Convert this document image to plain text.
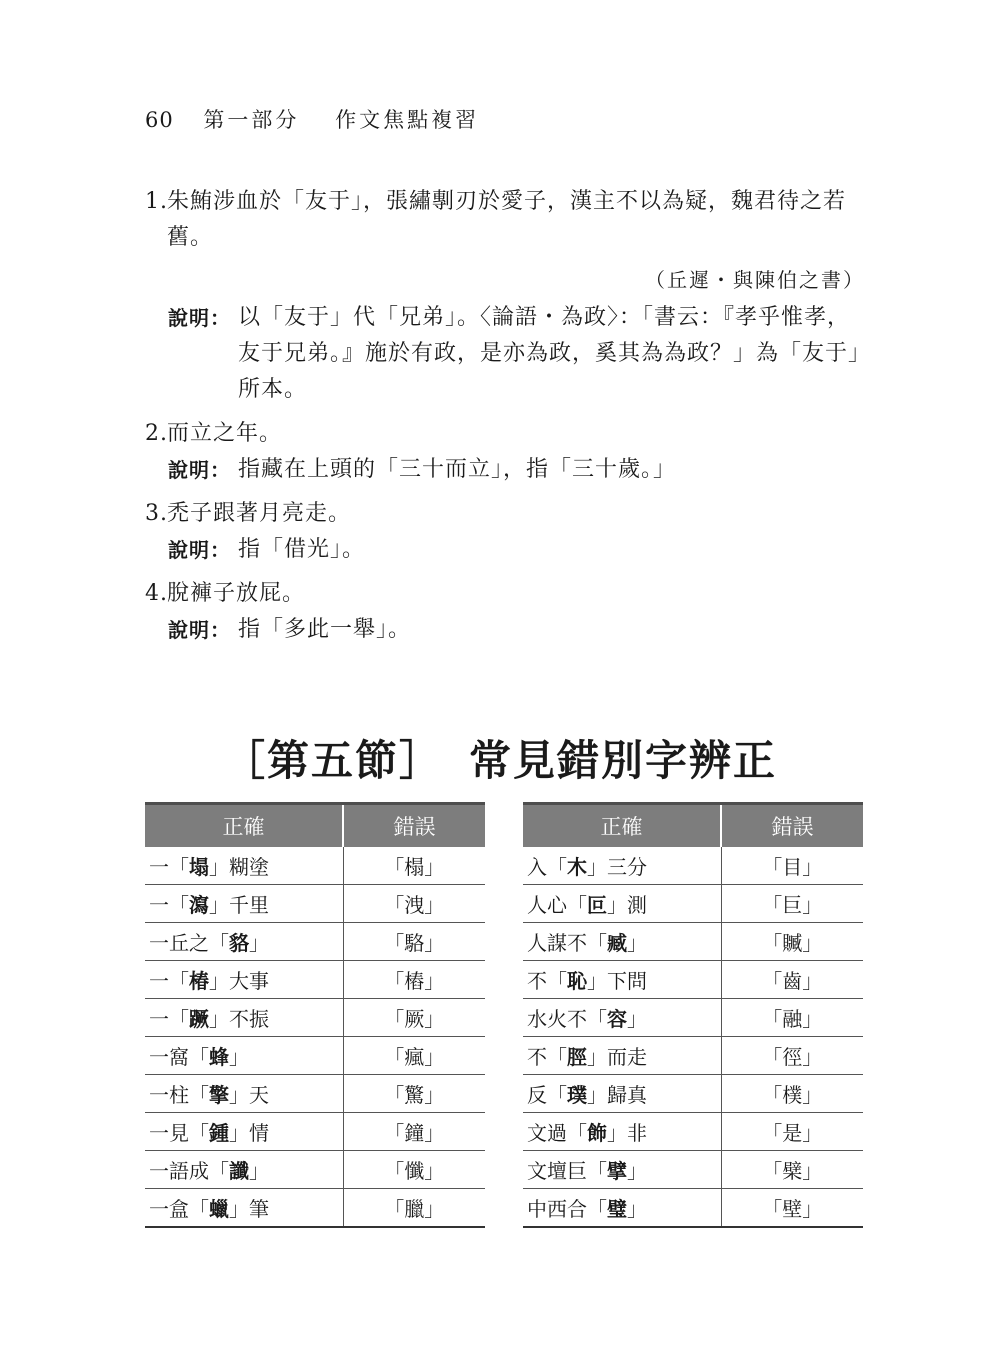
60 第一部分 作文焦點複習
1. 朱鮪涉血於「友于」，張繡剸刃於愛子，漢主不以為疑，魏君待之若舊。
（丘遲・與陳伯之書）
說明： 以「友于」代「兄弟」。〈論語・為政〉：「書云：『孝乎惟孝，友于兄弟。』施於有政，是亦為政，奚其為為政？」為「友于」所本。
2. 而立之年。
說明： 指藏在上頭的「三十而立」，指「三十歲。」
3. 禿子跟著月亮走。
說明： 指「借光」。
4. 脫褲子放屁。
說明： 指「多此一舉」。
［第五節］ 常見錯別字辨正
正確	錯誤
一「塌」糊塗	「榻」
一「瀉」千里	「洩」
一丘之「貉」	「駱」
一「椿」大事	「樁」
一「蹶」不振	「厥」
一窩「蜂」	「瘋」
一柱「擎」天	「驚」
一見「鍾」情	「鐘」
一語成「讖」	「懺」
一盒「蠟」筆	「臘」
正確	錯誤
入「木」三分	「目」
人心「叵」測	「巨」
人謀不「臧」	「贓」
不「恥」下問	「齒」
水火不「容」	「融」
不「脛」而走	「徑」
反「璞」歸真	「樸」
文過「飾」非	「是」
文壇巨「擘」	「檗」
中西合「璧」	「壁」
